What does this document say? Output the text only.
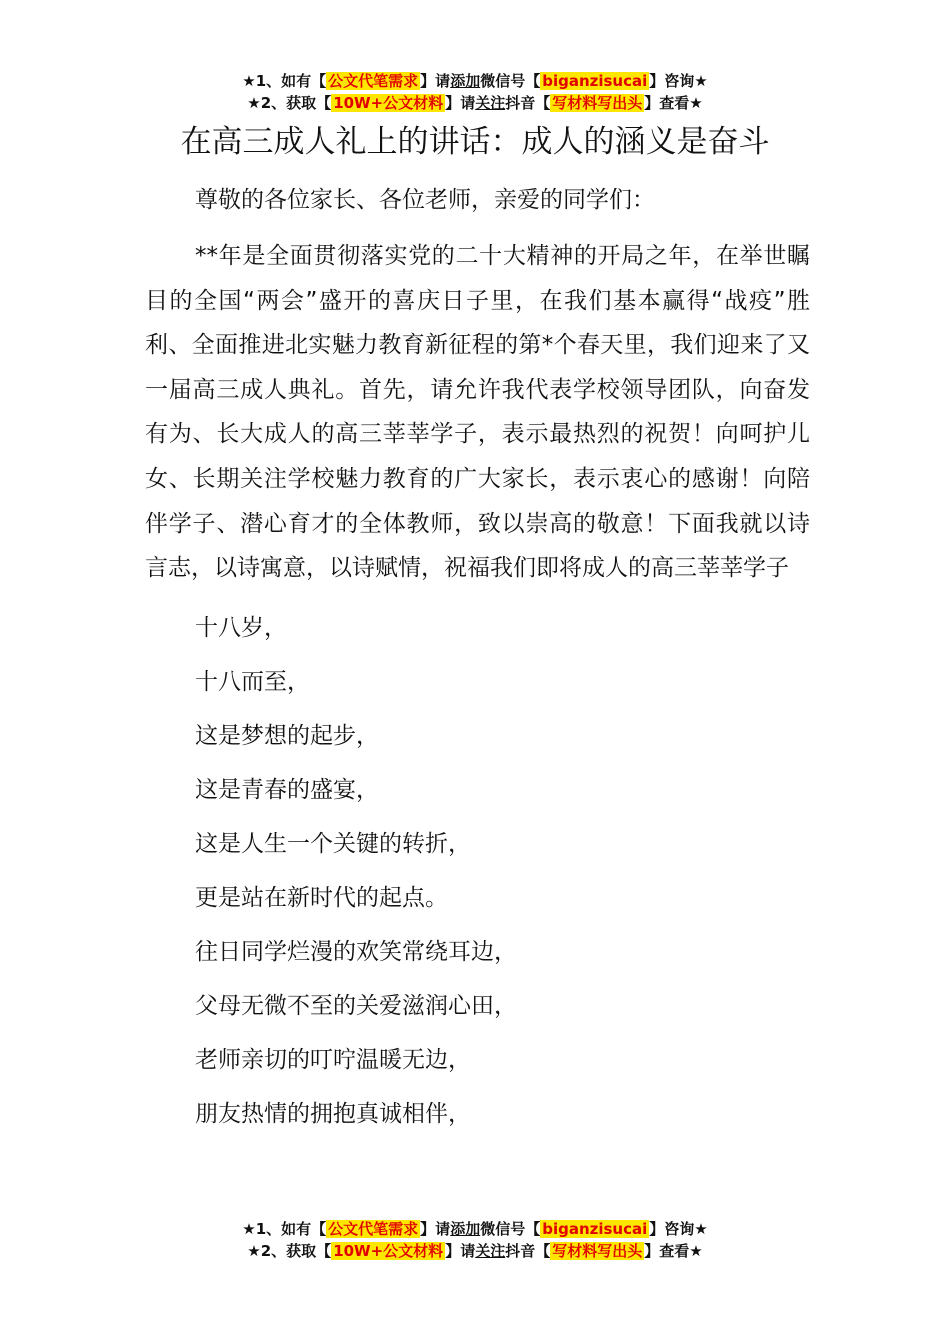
★1、如有【 公文代笔需求 】请添加微信号【 biganzisucai 】咨询★
★2、获取【 10W+公文材料 】请关注抖音【 写材料写出头 】查看★
在高三成人礼上的讲话：成人的涵义是奋斗

尊敬的各位家长、各位老师，亲爱的同学们：

**年是全面贯彻落实党的二十大精神的开局之年，在举世瞩目的全国“两会”盛开的喜庆日子里，在我们基本赢得“战疫”胜利、全面推进北实魅力教育新征程的第*个春天里，我们迎来了又一届高三成人典礼。首先，请允许我代表学校领导团队，向奋发有为、长大成人的高三莘莘学子，表示最热烈的祝贺！向呵护儿女、长期关注学校魅力教育的广大家长，表示衷心的感谢！向陪伴学子、潜心育才的全体教师，致以崇高的敬意！下面我就以诗言志，以诗寓意，以诗赋情，祝福我们即将成人的高三莘莘学子

十八岁，

十八而至，

这是梦想的起步，

这是青春的盛宴，

这是人生一个关键的转折，

更是站在新时代的起点。

往日同学烂漫的欢笑常绕耳边，

父母无微不至的关爱滋润心田，

老师亲切的叮咛温暖无边，

朋友热情的拥抱真诚相伴，

★1、如有【 公文代笔需求 】请添加微信号【 biganzisucai 】咨询★
★2、获取【 10W+公文材料 】请关注抖音【 写材料写出头 】查看★
